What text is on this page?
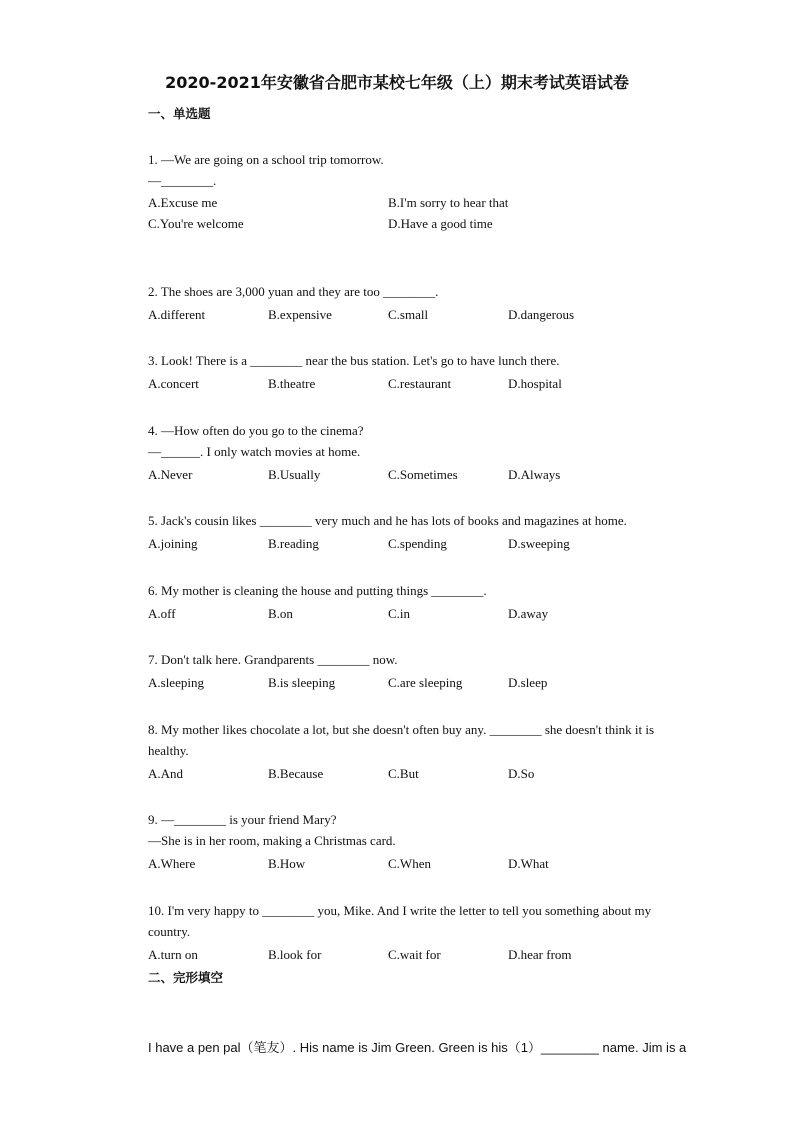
2020-2021年安徽省合肥市某校七年级（上）期末考试英语试卷
一、单选题
1. —We are going on a school trip tomorrow.
—________.
A.Excuse me	B.I'm sorry to hear that
C.You're welcome	D.Have a good time
2. The shoes are 3,000 yuan and they are too ________.
A.different	B.expensive	C.small	D.dangerous
3. Look! There is a ________ near the bus station. Let's go to have lunch there.
A.concert	B.theatre	C.restaurant	D.hospital
4. —How often do you go to the cinema?
—______. I only watch movies at home.
A.Never	B.Usually	C.Sometimes	D.Always
5. Jack's cousin likes ________ very much and he has lots of books and magazines at home.
A.joining	B.reading	C.spending	D.sweeping
6. My mother is cleaning the house and putting things ________.
A.off	B.on	C.in	D.away
7. Don't talk here. Grandparents ________ now.
A.sleeping	B.is sleeping	C.are sleeping	D.sleep
8. My mother likes chocolate a lot, but she doesn't often buy any. ________ she doesn't think it is healthy.
A.And	B.Because	C.But	D.So
9. —________ is your friend Mary?
—She is in her room, making a Christmas card.
A.Where	B.How	C.When	D.What
10. I'm very happy to ________ you, Mike. And I write the letter to tell you something about my country.
A.turn on	B.look for	C.wait for	D.hear from
二、完形填空
I have a pen pal（笔友）. His name is Jim Green. Green is his（1）________ name. Jim is a
